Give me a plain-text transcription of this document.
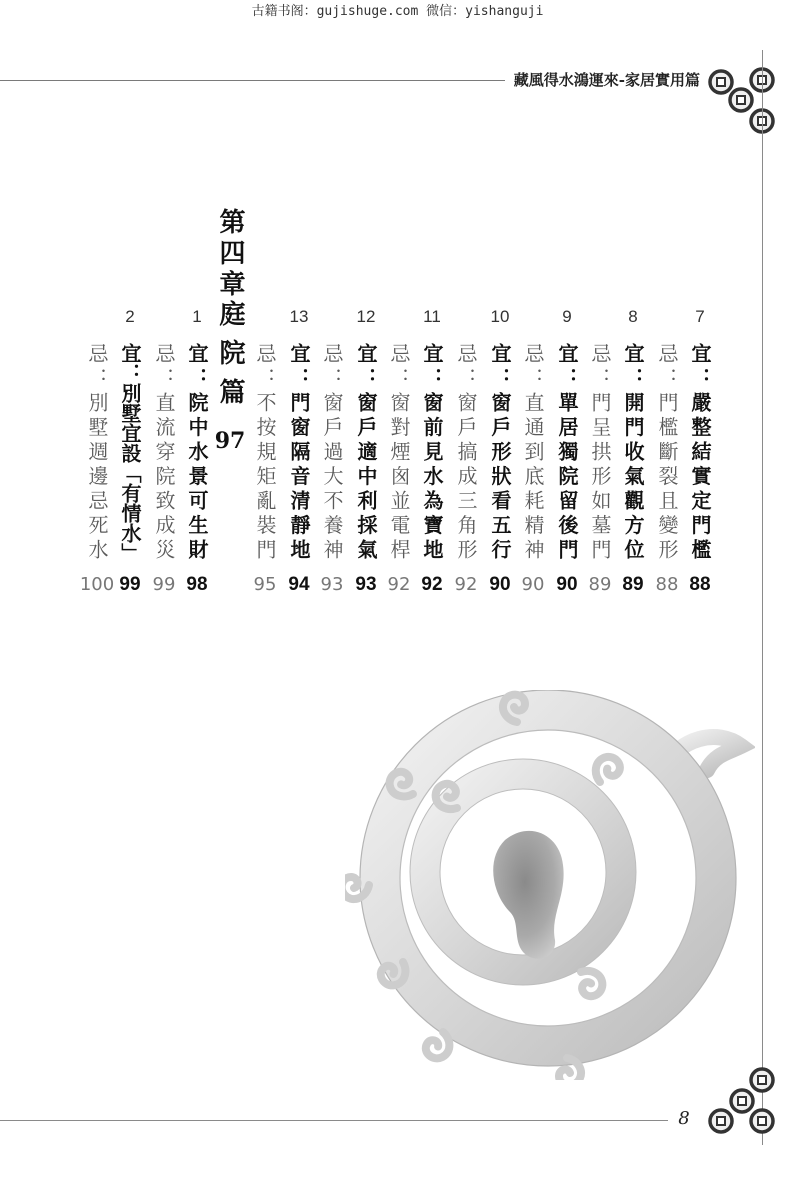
古籍书阁：gujishuge.com 微信：yishanguji
藏風得水鴻運來-家居實用篇
7
宜：嚴整結實定門檻
88
忌：門檻斷裂且變形
88
8
宜：開門收氣觀方位
89
忌：門呈拱形如墓門
89
9
宜：單居獨院留後門
90
忌：直通到底耗精神
90
10
宜：窗戶形狀看五行
90
忌：窗戶搞成三角形
92
11
宜：窗前見水為寶地
92
忌：窗對煙囪並電桿
92
12
宜：窗戶適中利採氣
93
忌：窗戶過大不養神
93
13
宜：門窗隔音清靜地
94
忌：不按規矩亂裝門
95
第四章
庭院篇
97
1
宜：院中水景可生財
98
忌：直流穿院致成災
99
2
宜：別墅宜設「有情水」
99
忌：別墅週邊忌死水
100
8
